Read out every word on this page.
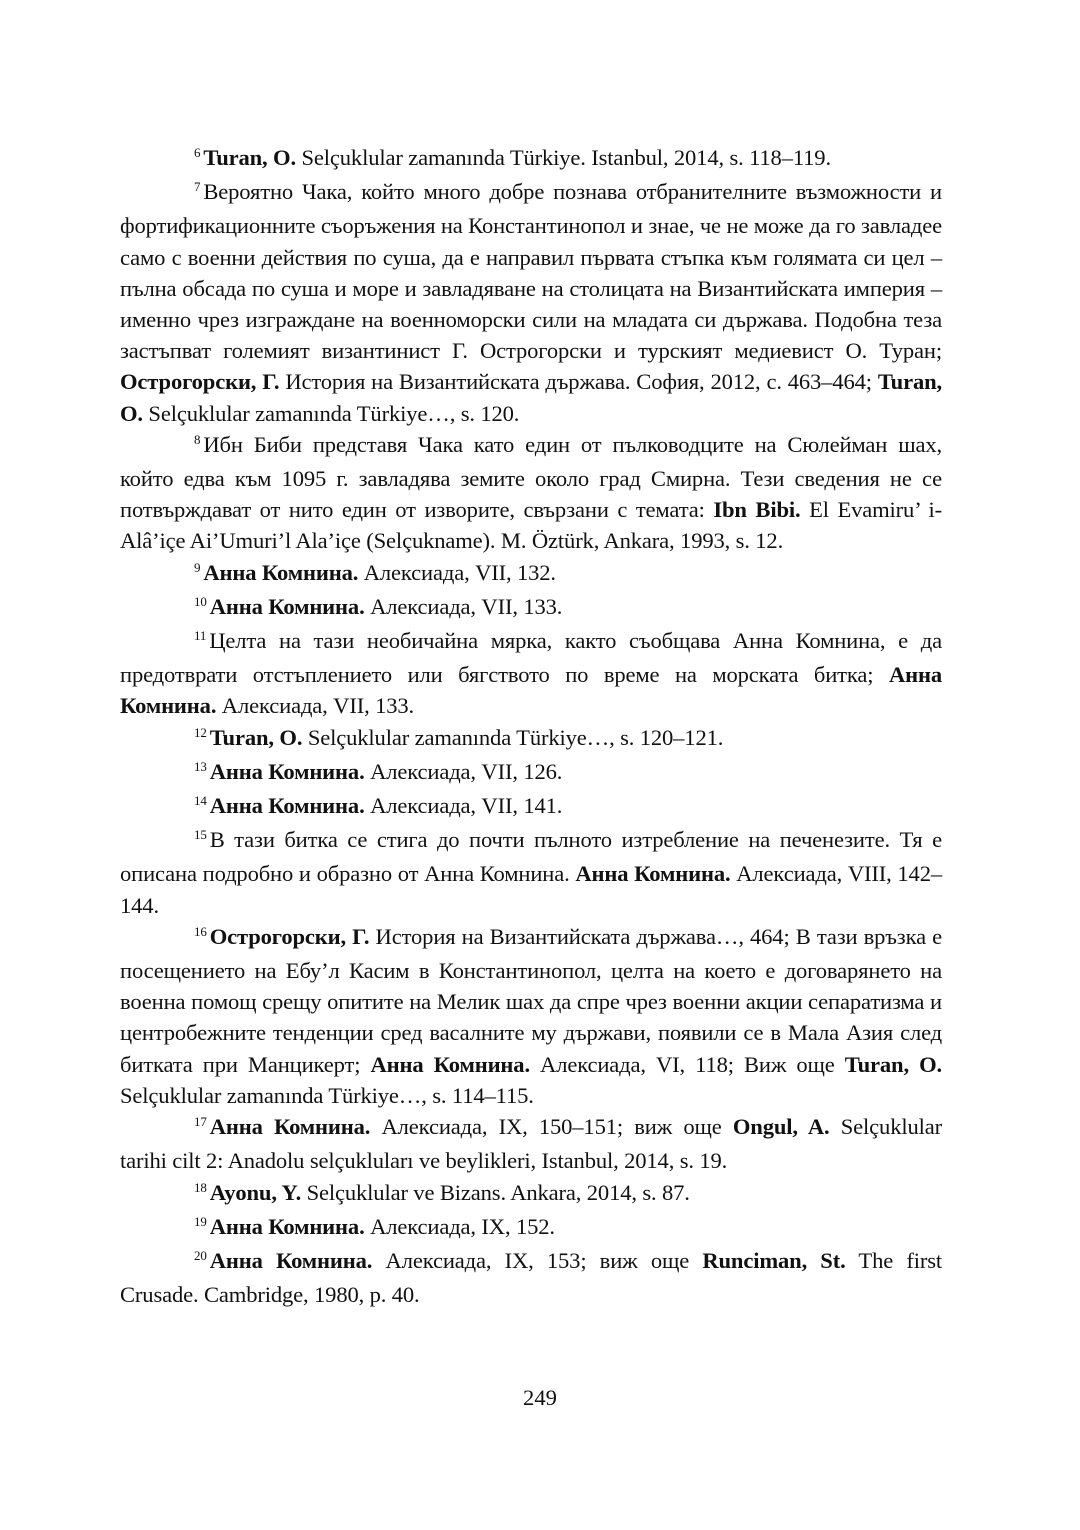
$^6$ Turan, O. Selçuklular zamanında Türkiye. Istanbul, 2014, s. 118–119.

$^7$ Вероятно Чака, който много добре познава отбранителните възможности и фортификационните съоръжения на Константинопол и знае, че не може да го завладее само с военни действия по суша, да е направил първата стъпка към голямата си цел – пълна обсада по суша и море и завладяване на столицата на Византийската империя – именно чрез изграждане на военноморски сили на младата си държава. Подобна теза застъпват големият византинист Г. Острогорски и турският медиевист О. Туран; Острогорски, Г. История на Византийската държава. София, 2012, с. 463–464; Turan, O. Selçuklular zamanında Türkiye…, s. 120.

$^8$ Ибн Биби представя Чака като един от пълководците на Сюлейман шах, който едва към 1095 г. завладява земите около град Смирна. Тези сведения не се потвърждават от нито един от изворите, свързани с темата: Ibn Bibi. El Evamiru’ i-Alâ’içe Ai’Umuri’l Ala’içe (Selçukname). M. Öztürk, Ankara, 1993, s. 12.

$^9$ Анна Комнина. Алексиада, VII, 132.

$^{10}$ Анна Комнина. Алексиада, VII, 133.

$^{11}$ Целта на тази необичайна мярка, както съобщава Анна Комнина, е да предотврати отстъплението или бягството по време на морската битка; Анна Комнина. Алексиада, VII, 133.

$^{12}$ Turan, O. Selçuklular zamanında Türkiye…, s. 120–121.

$^{13}$ Анна Комнина. Алексиада, VII, 126.

$^{14}$ Анна Комнина. Алексиада, VII, 141.

$^{15}$ В тази битка се стига до почти пълното изтребление на печенезите. Тя е описана подробно и образно от Анна Комнина. Анна Комнина. Алексиада, VIII, 142–144.

$^{16}$ Острогорски, Г. История на Византийската държава…, 464; В тази връзка е посещението на Ебу’л Касим в Константинопол, целта на което е договарянето на военна помощ срещу опитите на Мелик шах да спре чрез военни акции сепаратизма и центробежните тенденции сред васалните му държави, появили се в Мала Азия след битката при Манцикерт; Анна Комнина. Алексиада, VI, 118; Виж още Turan, O. Selçuklular zamanında Türkiye…, s. 114–115.

$^{17}$ Анна Комнина. Алексиада, IX, 150–151; виж още Ongul, A. Selçuklular tarihi cilt 2: Anadolu selçukluları ve beylikleri, Istanbul, 2014, s. 19.

$^{18}$ Ayonu, Y. Selçuklular ve Bizans. Ankara, 2014, s. 87.

$^{19}$ Анна Комнина. Алексиада, IX, 152.

$^{20}$ Анна Комнина. Алексиада, IX, 153; виж още Runciman, St. The first Crusade. Cambridge, 1980, p. 40.

249
